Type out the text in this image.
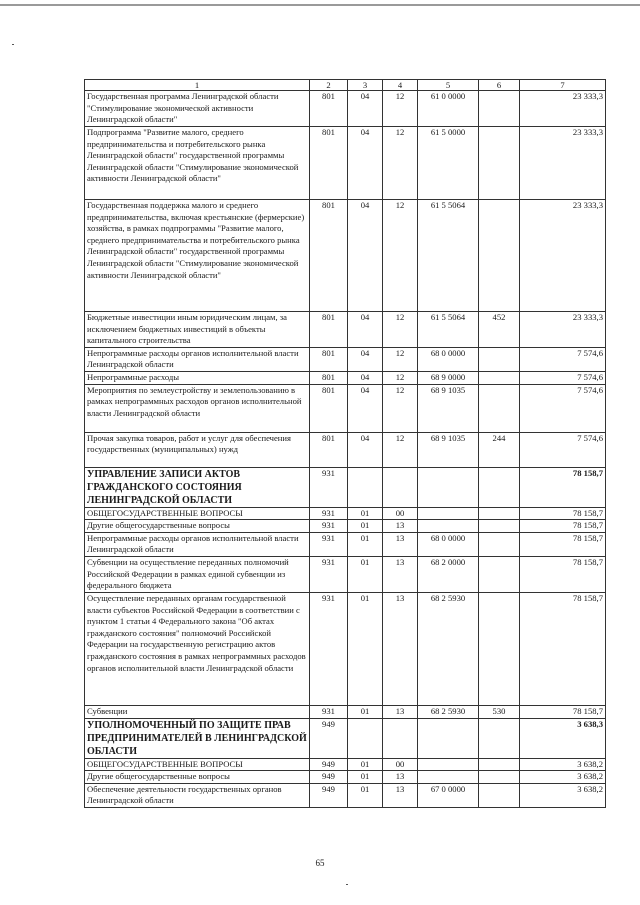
1	2	3	4	5	6	7
Государственная программа Ленинградской области "Стимулирование экономической активности Ленинградской области"	801	04	12	61 0 0000		23 333,3
Подпрограмма "Развитие малого, среднего предпринимательства и потребительского рынка Ленинградской области" государственной программы Ленинградской области "Стимулирование экономической активности Ленинградской области"	801	04	12	61 5 0000		23 333,3
Государственная поддержка малого и среднего предпринимательства, включая крестьянские (фермерские) хозяйства, в рамках подпрограммы "Развитие малого, среднего предпринимательства и потребительского рынка Ленинградской области" государственной программы Ленинградской области "Стимулирование экономической активности Ленинградской области"	801	04	12	61 5 5064		23 333,3
Бюджетные инвестиции иным юридическим лицам, за исключением бюджетных инвестиций в объекты капитального строительства	801	04	12	61 5 5064	452	23 333,3
Непрограммные расходы органов исполнительной власти Ленинградской области	801	04	12	68 0 0000		7 574,6
Непрограммные расходы	801	04	12	68 9 0000		7 574,6
Мероприятия по землеустройству и землепользованию в рамках непрограммных расходов органов исполнительной власти Ленинградской области	801	04	12	68 9 1035		7 574,6
Прочая закупка товаров, работ и услуг для обеспечения государственных (муниципальных) нужд	801	04	12	68 9 1035	244	7 574,6
УПРАВЛЕНИЕ ЗАПИСИ АКТОВ ГРАЖДАНСКОГО СОСТОЯНИЯ ЛЕНИНГРАДСКОЙ ОБЛАСТИ	931					78 158,7
ОБЩЕГОСУДАРСТВЕННЫЕ ВОПРОСЫ	931	01	00			78 158,7
Другие общегосударственные вопросы	931	01	13			78 158,7
Непрограммные расходы органов исполнительной власти Ленинградской области	931	01	13	68 0 0000		78 158,7
Субвенции на осуществление переданных полномочий Российской Федерации в рамках единой субвенции из федерального бюджета	931	01	13	68 2 0000		78 158,7
Осуществление переданных органам государственной власти субъектов Российской Федерации в соответствии с пунктом 1 статьи 4 Федерального закона "Об актах гражданского состояния" полномочий Российской Федерации на государственную регистрацию актов гражданского состояния в рамках непрограммных расходов органов исполнительной власти Ленинградской области	931	01	13	68 2 5930		78 158,7
Субвенции	931	01	13	68 2 5930	530	78 158,7
УПОЛНОМОЧЕННЫЙ ПО ЗАЩИТЕ ПРАВ ПРЕДПРИНИМАТЕЛЕЙ В ЛЕНИНГРАДСКОЙ ОБЛАСТИ	949					3 638,3
ОБЩЕГОСУДАРСТВЕННЫЕ ВОПРОСЫ	949	01	00			3 638,2
Другие общегосударственные вопросы	949	01	13			3 638,2
Обеспечение деятельности государственных органов Ленинградской области	949	01	13	67 0 0000		3 638,2
65
